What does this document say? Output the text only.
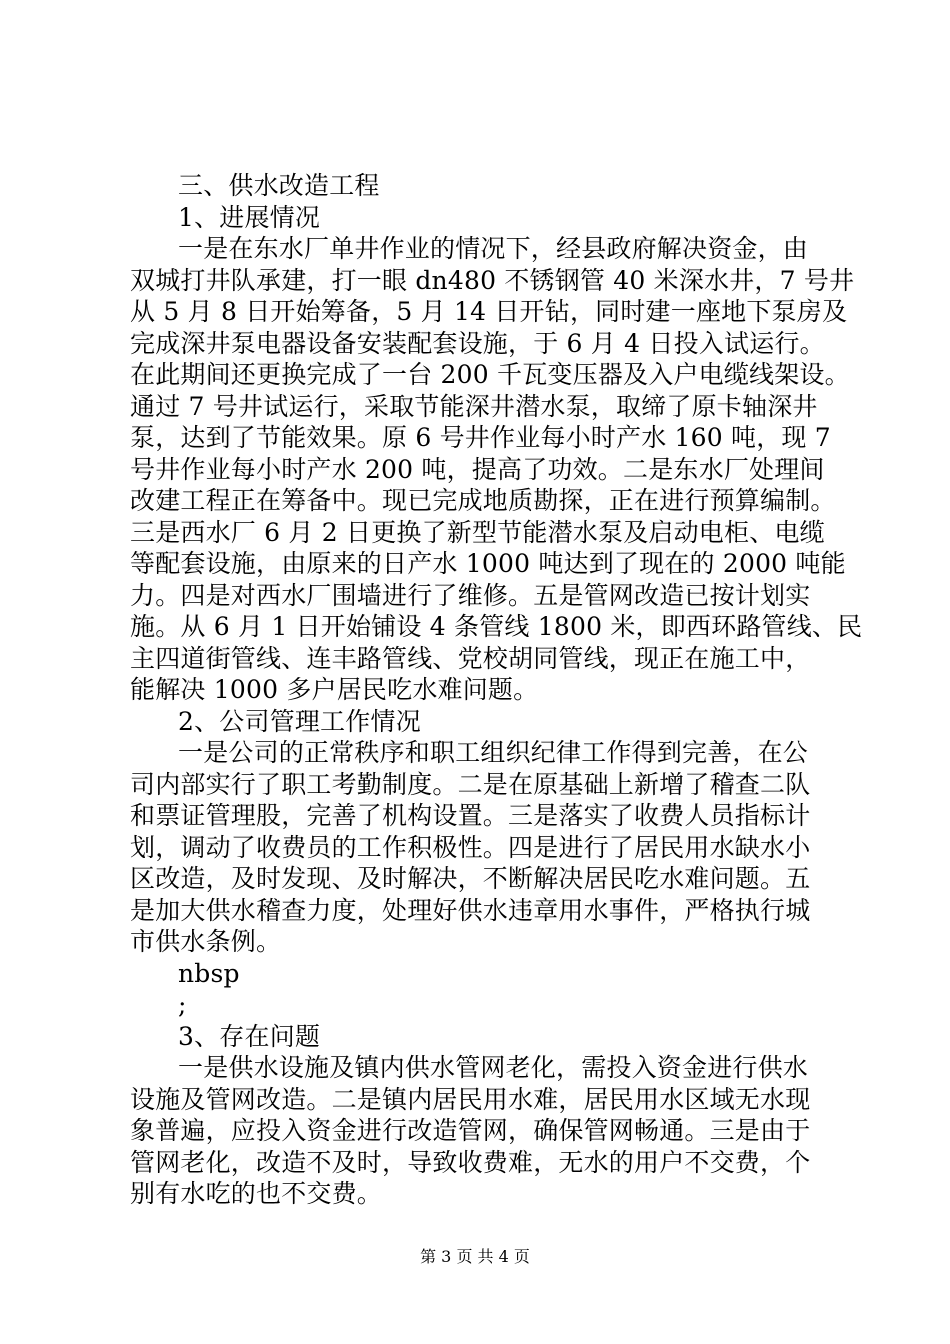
三、供水改造工程
1、进展情况
一是在东水厂单井作业的情况下，经县政府解决资金，由
双城打井队承建，打一眼 dn480 不锈钢管 40 米深水井，7 号井
从 5 月 8 日开始筹备，5 月 14 日开钻，同时建一座地下泵房及
完成深井泵电器设备安装配套设施，于 6 月 4 日投入试运行。
在此期间还更换完成了一台 200 千瓦变压器及入户电缆线架设。
通过 7 号井试运行，采取节能深井潜水泵，取缔了原卡轴深井
泵，达到了节能效果。原 6 号井作业每小时产水 160 吨，现 7
号井作业每小时产水 200 吨，提高了功效。二是东水厂处理间
改建工程正在筹备中。现已完成地质勘探，正在进行预算编制。
三是西水厂 6 月 2 日更换了新型节能潜水泵及启动电柜、电缆
等配套设施，由原来的日产水 1000 吨达到了现在的 2000 吨能
力。四是对西水厂围墙进行了维修。五是管网改造已按计划实
施。从 6 月 1 日开始铺设 4 条管线 1800 米，即西环路管线、民
主四道街管线、连丰路管线、党校胡同管线，现正在施工中，
能解决 1000 多户居民吃水难问题。
2、公司管理工作情况
一是公司的正常秩序和职工组织纪律工作得到完善，在公
司内部实行了职工考勤制度。二是在原基础上新增了稽查二队
和票证管理股，完善了机构设置。三是落实了收费人员指标计
划，调动了收费员的工作积极性。四是进行了居民用水缺水小
区改造，及时发现、及时解决，不断解决居民吃水难问题。五
是加大供水稽查力度，处理好供水违章用水事件，严格执行城
市供水条例。
nbsp
;
3、存在问题
一是供水设施及镇内供水管网老化，需投入资金进行供水
设施及管网改造。二是镇内居民用水难，居民用水区域无水现
象普遍，应投入资金进行改造管网，确保管网畅通。三是由于
管网老化，改造不及时，导致收费难，无水的用户不交费，个
别有水吃的也不交费。
第 3 页 共 4 页
